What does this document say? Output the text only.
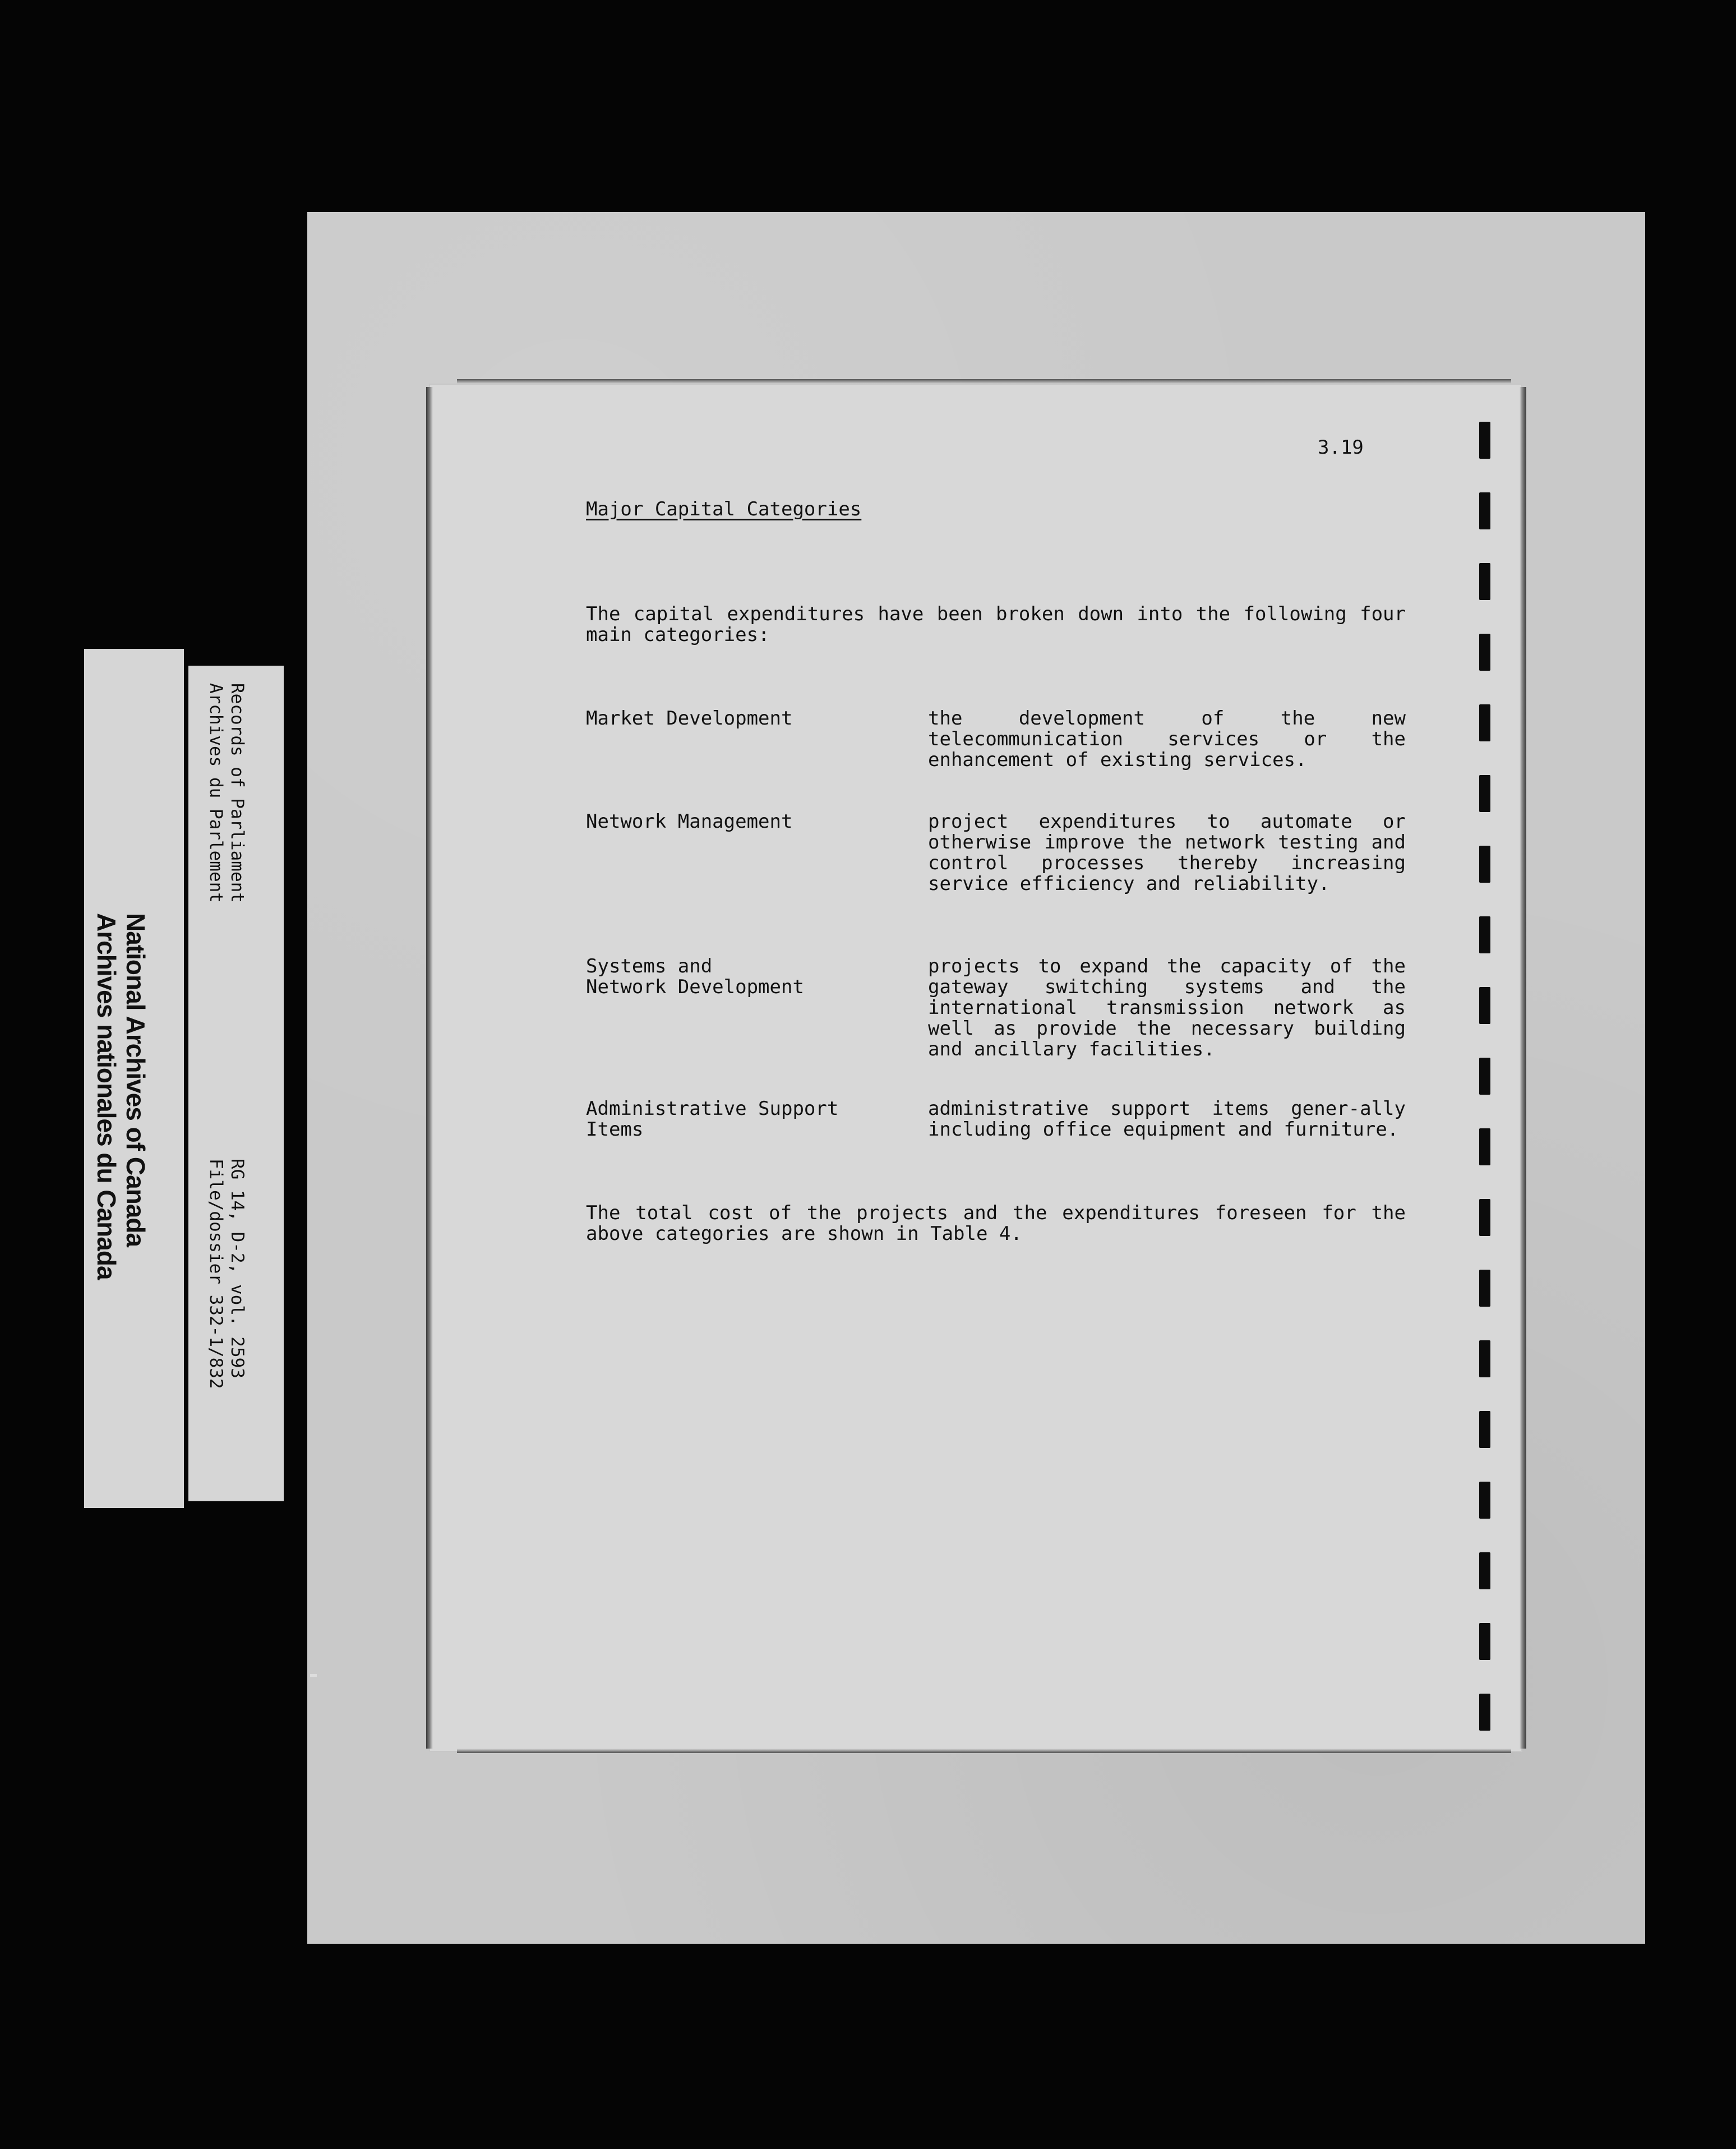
3.19
Major Capital Categories
The capital expenditures have been broken down into the following four main categories:
Market Development	the development of the new telecommunication services or the enhancement of existing services.
Network Management	project expenditures to automate or otherwise improve the network testing and control processes thereby increasing service efficiency and reliability.
Systems and
Network Development
projects to expand the capacity of the gateway switching systems and the international transmission network as well as provide the necessary building and ancillary facilities.
Administrative Support
Items
administrative support items gener-ally including office equipment and furniture.
The total cost of the projects and the expenditures foreseen for the above categories are shown in Table 4.
National Archives of Canada
Archives nationales du Canada
Records of Parliament
Archives du Parlement
RG 14, D-2, vol. 2593
File/dossier 332-1/832
